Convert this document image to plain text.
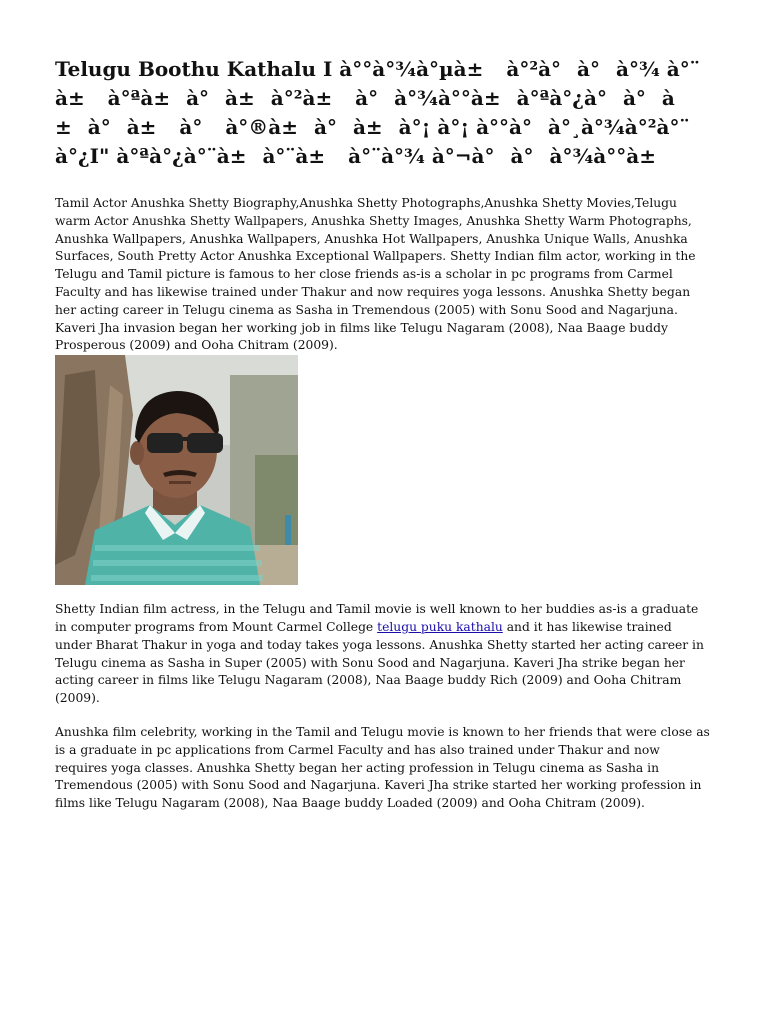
Telugu Boothu Kathalu I à°°à°¾à°µà± à°²à°à°à°¾ à°¨à± à°ªà±à°à±à°²à± à°à°¾à°°à±à°ªà°¿à°à°à±à°à± à° à°®à±à°à±à°¡ à°¡ à°°à°à°¸à°¾à°²à°¨à°¿I" à°ªà°¿à°¨à±à°¨à± à°¨à°¾ à°¬à°à°à°¾à°°à±

Tamil Actor Anushka Shetty Biography,Anushka Shetty Photographs,Anushka Shetty Movies,Telugu warm Actor Anushka Shetty Wallpapers, Anushka Shetty Images, Anushka Shetty Warm Photographs, Anushka Wallpapers, Anushka Wallpapers, Anushka Hot Wallpapers, Anushka Unique Walls, Anushka Surfaces, South Pretty Actor Anushka Exceptional Wallpapers. Shetty Indian film actor, working in the Telugu and Tamil picture is famous to her close friends as-is a scholar in pc programs from Carmel Faculty and has likewise trained under Thakur and now requires yoga lessons. Anushka Shetty began her acting career in Telugu cinema as Sasha in Tremendous (2005) with Sonu Sood and Nagarjuna. Kaveri Jha invasion began her working job in films like Telugu Nagaram (2008), Naa Baage buddy Prosperous (2009) and Ooha Chitram (2009).

Shetty Indian film actress, in the Telugu and Tamil movie is well known to her buddies as-is a graduate in computer programs from Mount Carmel College telugu puku kathalu and it has likewise trained under Bharat Thakur in yoga and today takes yoga lessons. Anushka Shetty started her acting career in Telugu cinema as Sasha in Super (2005) with Sonu Sood and Nagarjuna. Kaveri Jha strike began her acting career in films like Telugu Nagaram (2008), Naa Baage buddy Rich (2009) and Ooha Chitram (2009).

Anushka film celebrity, working in the Tamil and Telugu movie is known to her friends that were close as is a graduate in pc applications from Carmel Faculty and has also trained under Thakur and now requires yoga classes. Anushka Shetty began her acting profession in Telugu cinema as Sasha in Tremendous (2005) with Sonu Sood and Nagarjuna. Kaveri Jha strike started her working profession in films like Telugu Nagaram (2008), Naa Baage buddy Loaded (2009) and Ooha Chitram (2009).
